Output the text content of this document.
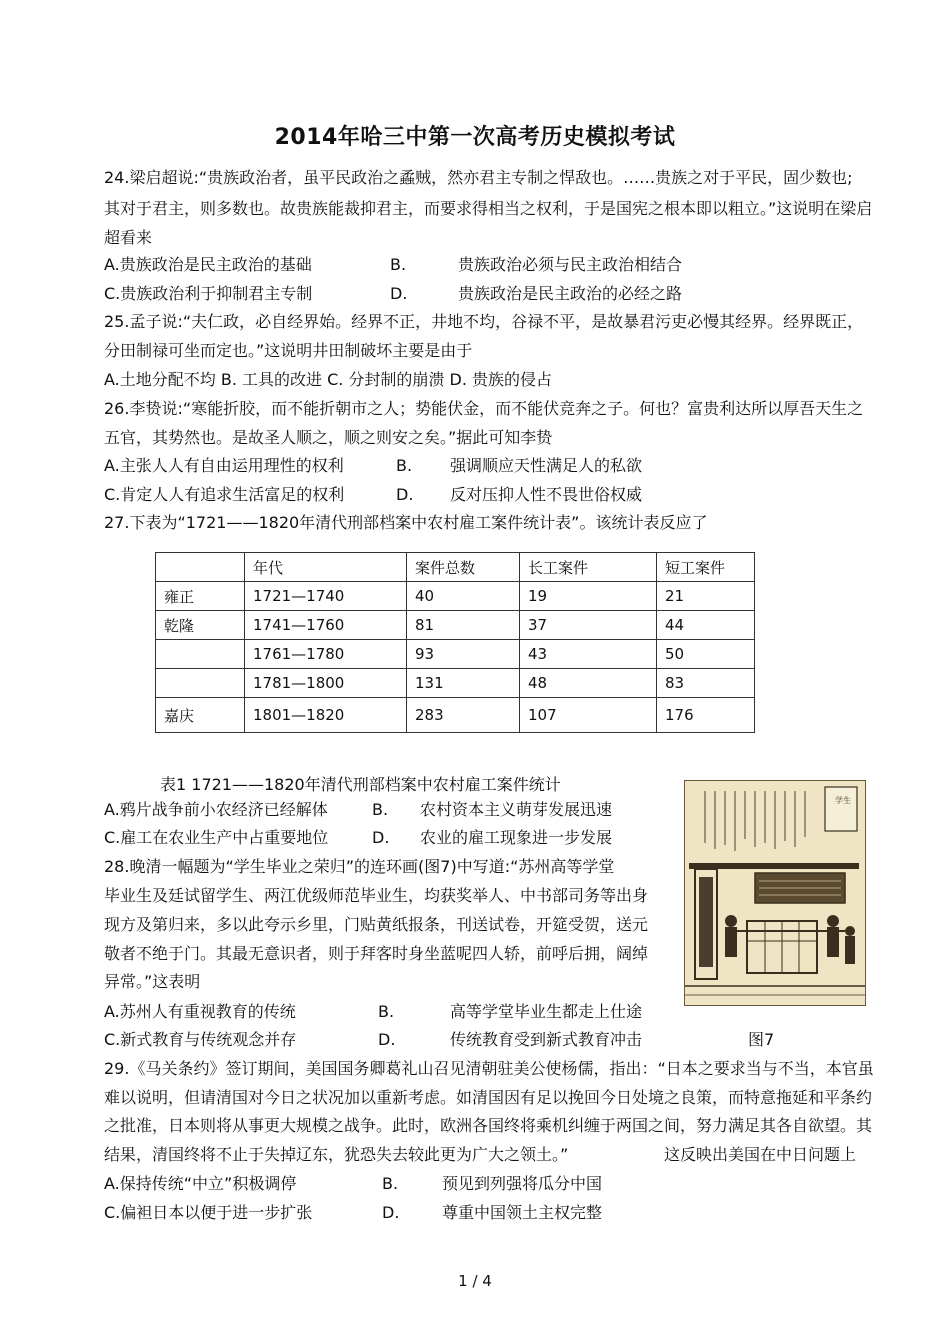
2014年哈三中第一次高考历史模拟考试
24.梁启超说:“贵族政治者，虽平民政治之蟊贼，然亦君主专制之悍敌也。……贵族之对于平民，固少数也;
其对于君主，则多数也。故贵族能裁抑君主，而要求得相当之权利，于是国宪之根本即以粗立。”这说明在梁启
超看来
A.贵族政治是民主政治的基础	B.	贵族政治必须与民主政治相结合
C.贵族政治利于抑制君主专制	D.	贵族政治是民主政治的必经之路
25.孟子说:“夫仁政，必自经界始。经界不正，井地不均，谷禄不平，是故暴君污吏必慢其经界。经界既正，
分田制禄可坐而定也。”这说明井田制破坏主要是由于
A.土地分配不均 B. 工具的改进 C. 分封制的崩溃 D. 贵族的侵占
26.李贽说:“寒能折胶，而不能折朝市之人；势能伏金，而不能伏竞奔之子。何也？富贵利达所以厚吾天生之
五官，其势然也。是故圣人顺之，顺之则安之矣。”据此可知李贽
A.主张人人有自由运用理性的权利	B. 强调顺应天性满足人的私欲
C.肯定人人有追求生活富足的权利	D. 反对压抑人性不畏世俗权威
27.下表为“1721——1820年清代刑部档案中农村雇工案件统计表”。该统计表反应了
	年代	案件总数	长工案件	短工案件
雍正	1721—1740	40	19	21
乾隆	1741—1760	81	37	44
	1761—1780	93	43	50
	1781—1800	131	48	83
嘉庆	1801—1820	283	107	176
表1 1721——1820年清代刑部档案中农村雇工案件统计
A.鸦片战争前小农经济已经解体	B. 农村资本主义萌芽发展迅速
C.雇工在农业生产中占重要地位	D. 农业的雇工现象进一步发展
28.晚清一幅题为“学生毕业之荣归”的连环画(图7)中写道:“苏州高等学堂
毕业生及廷试留学生、两江优级师范毕业生，均获奖举人、中书部司务等出身
现方及第归来，多以此夸示乡里，门贴黄纸报条，刊送试卷，开筵受贺，送元
敬者不绝于门。其最无意识者，则于拜客时身坐蓝呢四人轿，前呼后拥，阔绰
异常。”这表明
学生
A.苏州人有重视教育的传统	B.	高等学堂毕业生都走上仕途
C.新式教育与传统观念并存	D.	传统教育受到新式教育冲击	图7
29.《马关条约》签订期间，美国国务卿葛礼山召见清朝驻美公使杨儒，指出：“日本之要求当与不当，本官虽
难以说明，但请清国对今日之状况加以重新考虑。如清国因有足以挽回今日处境之良策，而特意拖延和平条约
之批准，日本则将从事更大规模之战争。此时，欧洲各国终将乘机纠缠于两国之间，努力满足其各自欲望。其
结果，清国终将不止于失掉辽东，犹恐失去较此更为广大之领土。”	这反映出美国在中日问题上
A.保持传统“中立”积极调停	B.	预见到列强将瓜分中国
C.偏袒日本以便于进一步扩张	D.	尊重中国领土主权完整
1 / 4
